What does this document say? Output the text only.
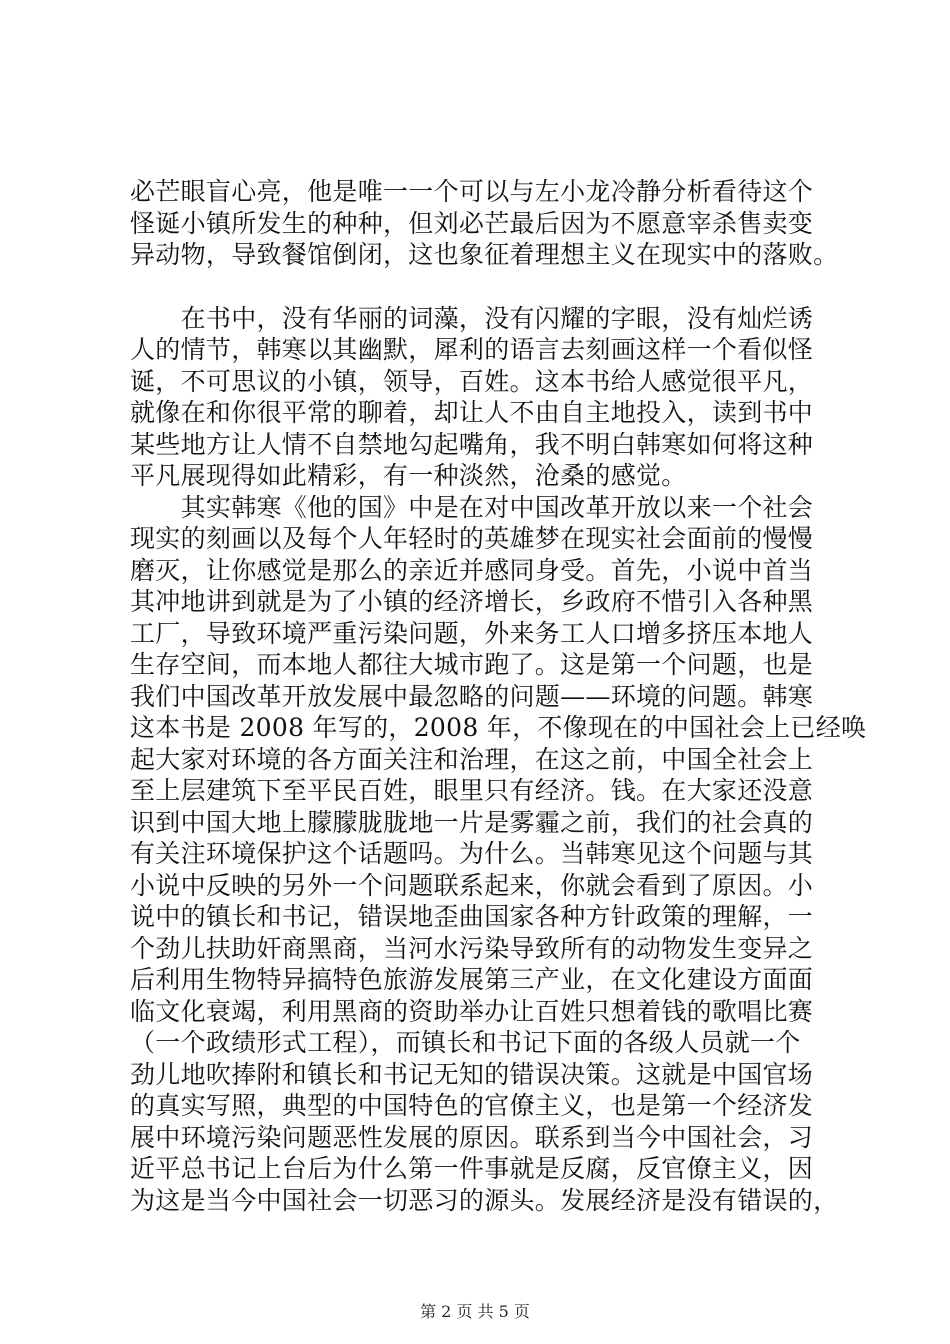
必芒眼盲心亮，他是唯一一个可以与左小龙冷静分析看待这个
怪诞小镇所发生的种种，但刘必芒最后因为不愿意宰杀售卖变
异动物，导致餐馆倒闭，这也象征着理想主义在现实中的落败。
　　在书中，没有华丽的词藻，没有闪耀的字眼，没有灿烂诱
人的情节，韩寒以其幽默，犀利的语言去刻画这样一个看似怪
诞，不可思议的小镇，领导，百姓。这本书给人感觉很平凡，
就像在和你很平常的聊着，却让人不由自主地投入，读到书中
某些地方让人情不自禁地勾起嘴角，我不明白韩寒如何将这种
平凡展现得如此精彩，有一种淡然，沧桑的感觉。
　　其实韩寒《他的国》中是在对中国改革开放以来一个社会
现实的刻画以及每个人年轻时的英雄梦在现实社会面前的慢慢
磨灭，让你感觉是那么的亲近并感同身受。首先，小说中首当
其冲地讲到就是为了小镇的经济增长，乡政府不惜引入各种黑
工厂，导致环境严重污染问题，外来务工人口增多挤压本地人
生存空间，而本地人都往大城市跑了。这是第一个问题，也是
我们中国改革开放发展中最忽略的问题——环境的问题。韩寒
这本书是 2008 年写的，2008 年，不像现在的中国社会上已经唤
起大家对环境的各方面关注和治理，在这之前，中国全社会上
至上层建筑下至平民百姓，眼里只有经济。钱。在大家还没意
识到中国大地上朦朦胧胧地一片是雾霾之前，我们的社会真的
有关注环境保护这个话题吗。为什么。当韩寒见这个问题与其
小说中反映的另外一个问题联系起来，你就会看到了原因。小
说中的镇长和书记，错误地歪曲国家各种方针政策的理解，一
个劲儿扶助奸商黑商，当河水污染导致所有的动物发生变异之
后利用生物特异搞特色旅游发展第三产业，在文化建设方面面
临文化衰竭，利用黑商的资助举办让百姓只想着钱的歌唱比赛
（一个政绩形式工程），而镇长和书记下面的各级人员就一个
劲儿地吹捧附和镇长和书记无知的错误决策。这就是中国官场
的真实写照，典型的中国特色的官僚主义，也是第一个经济发
展中环境污染问题恶性发展的原因。联系到当今中国社会，习
近平总书记上台后为什么第一件事就是反腐，反官僚主义，因
为这是当今中国社会一切恶习的源头。发展经济是没有错误的，
第 2 页 共 5 页
